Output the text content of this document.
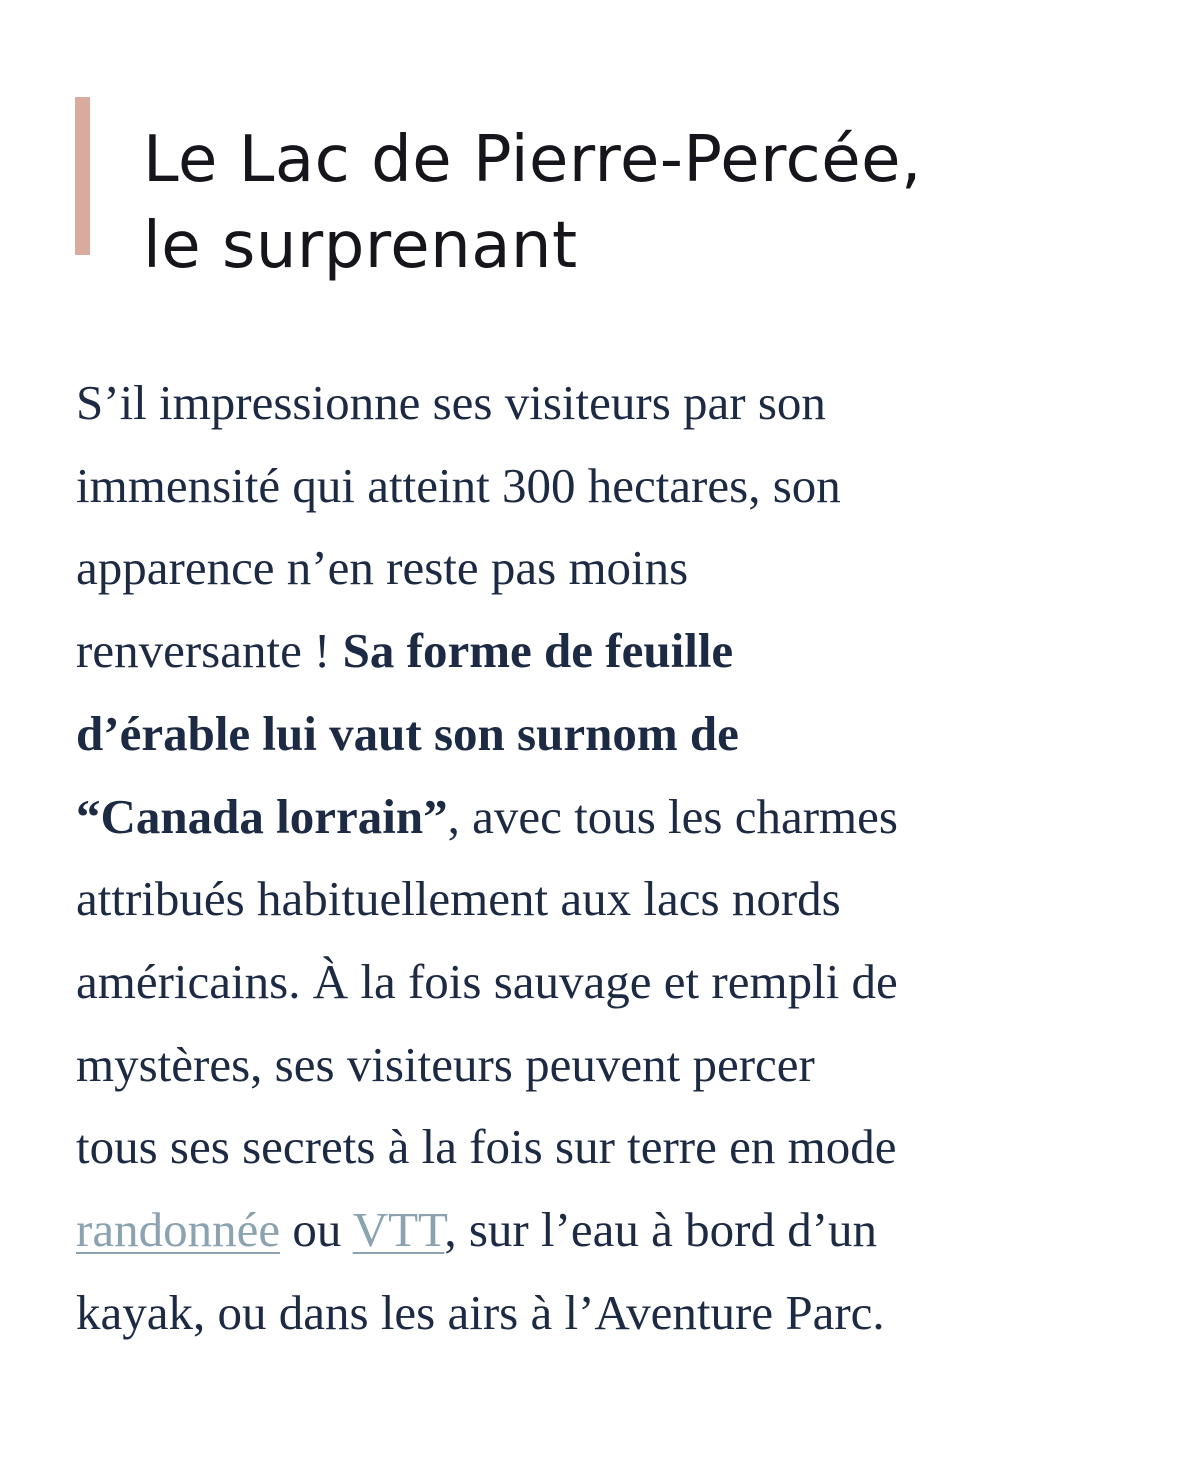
Le Lac de Pierre-Percée,
le surprenant

S’il impressionne ses visiteurs par son
immensité qui atteint 300 hectares, son
apparence n’en reste pas moins
renversante ! Sa forme de feuille
d’érable lui vaut son surnom de
“Canada lorrain”, avec tous les charmes
attribués habituellement aux lacs nords
américains. À la fois sauvage et rempli de
mystères, ses visiteurs peuvent percer
tous ses secrets à la fois sur terre en mode
randonnée ou VTT, sur l’eau à bord d’un
kayak, ou dans les airs à l’Aventure Parc.
